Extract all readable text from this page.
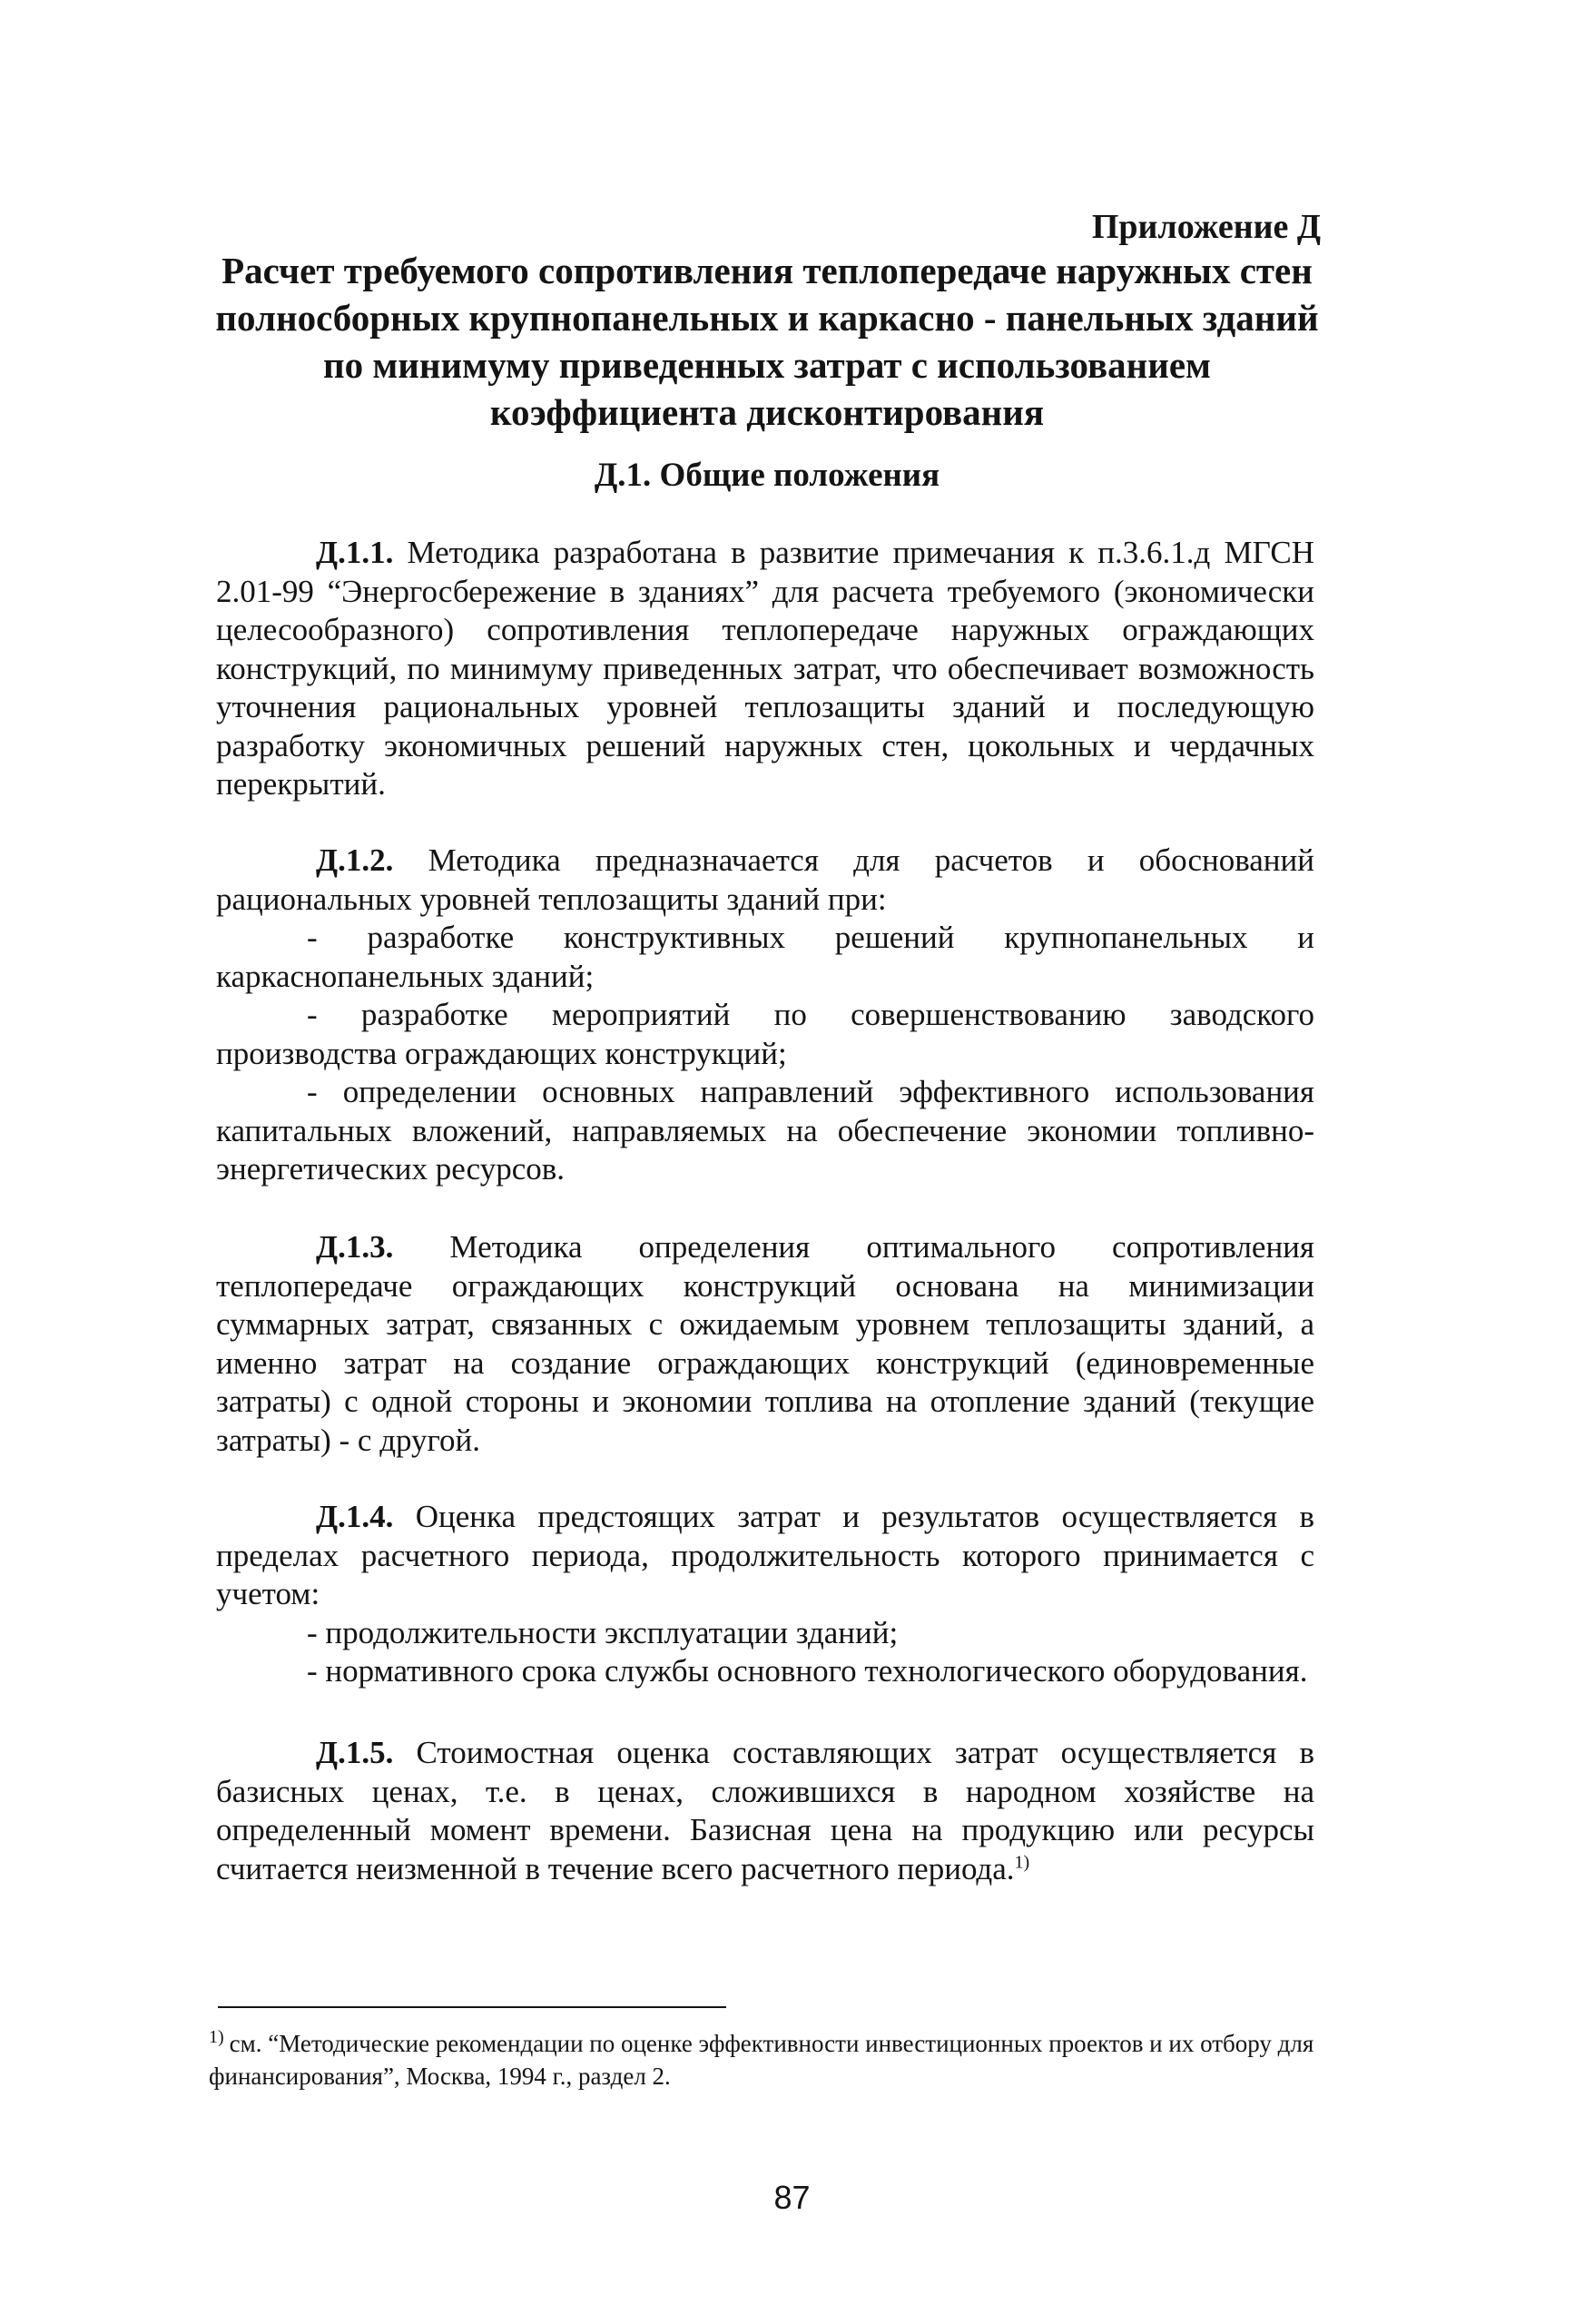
Приложение Д

Расчет требуемого сопротивления теплопередаче наружных стен полносборных крупнопанельных и каркасно - панельных зданий по минимуму приведенных затрат с использованием коэффициента дисконтирования
Д.1. Общие положения

Д.1.1. Методика разработана в развитие примечания к п.3.6.1.д МГСН 2.01-99 “Энергосбережение в зданиях” для расчета требуемого (экономически целесообразного) сопротивления теплопередаче наружных ограждающих конструкций, по минимуму приведенных затрат, что обеспечивает возможность уточнения рациональных уровней теплозащиты зданий и последующую разработку экономичных решений наружных стен, цокольных и чердачных перекрытий.

Д.1.2. Методика предназначается для расчетов и обоснований рациональных уровней теплозащиты зданий при:

- разработке конструктивных решений крупнопанельных и каркаснопанельных зданий;

- разработке мероприятий по совершенствованию заводского производства ограждающих конструкций;

- определении основных направлений эффективного использования капитальных вложений, направляемых на обеспечение экономии топливно-энергетических ресурсов.

Д.1.3. Методика определения оптимального сопротивления теплопередаче ограждающих конструкций основана на минимизации суммарных затрат, связанных с ожидаемым уровнем теплозащиты зданий, а именно затрат на создание ограждающих конструкций (единовременные затраты) с одной стороны и экономии топлива на отопление зданий (текущие затраты) - с другой.

Д.1.4. Оценка предстоящих затрат и результатов осуществляется в пределах расчетного периода, продолжительность которого принимается с учетом:

- продолжительности эксплуатации зданий;

- нормативного срока службы основного технологического оборудования.

Д.1.5. Стоимостная оценка составляющих затрат осуществляется в базисных ценах, т.е. в ценах, сложившихся в народном хозяйстве на определенный момент времени. Базисная цена на продукцию или ресурсы считается неизменной в течение всего расчетного периода.$^{1)}$

$^{1)}$ см. “Методические рекомендации по оценке эффективности инвестиционных проектов и их отбору для финансирования”, Москва, 1994 г., раздел 2.

87
